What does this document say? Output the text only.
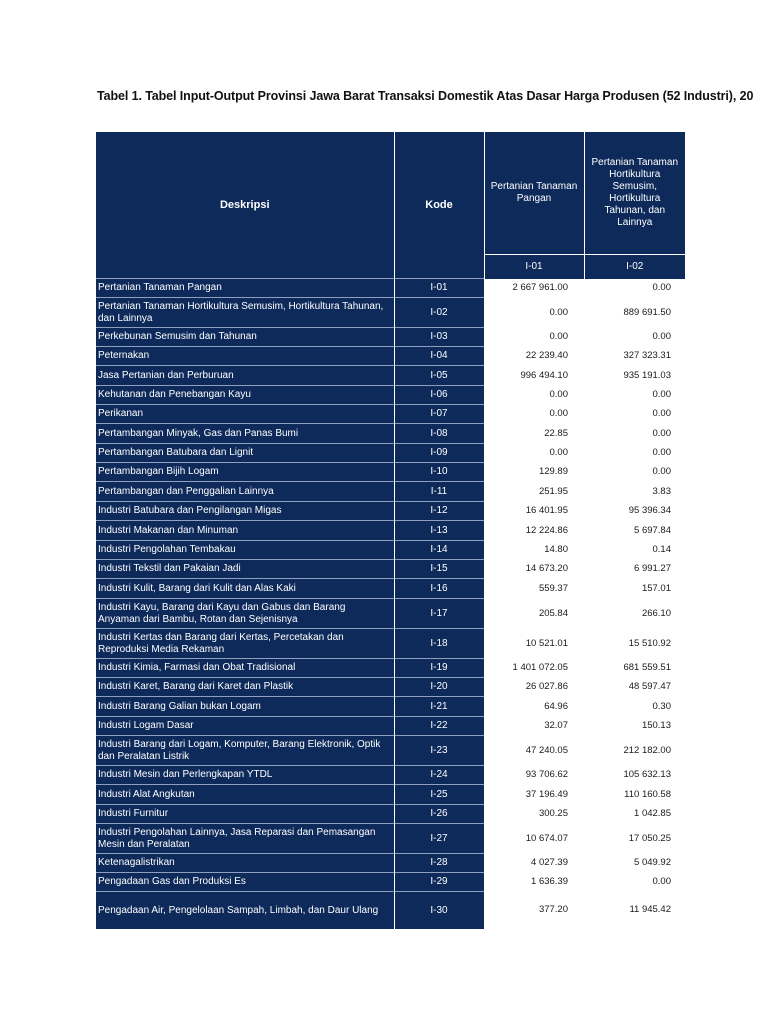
Tabel 1. Tabel Input-Output Provinsi Jawa Barat Transaksi Domestik Atas Dasar Harga Produsen (52 Industri), 20
Deskripsi	Kode	Pertanian Tanaman Pangan	Pertanian Tanaman Hortikultura Semusim, Hortikultura Tahunan, dan Lainnya
		I-01	I-02
Pertanian Tanaman Pangan	I-01	2 667 961.00	0.00
Pertanian Tanaman Hortikultura Semusim, Hortikultura Tahunan, dan Lainnya	I-02	0.00	889 691.50
Perkebunan Semusim dan Tahunan	I-03	0.00	0.00
Peternakan	I-04	22 239.40	327 323.31
Jasa Pertanian dan Perburuan	I-05	996 494.10	935 191.03
Kehutanan dan Penebangan Kayu	I-06	0.00	0.00
Perikanan	I-07	0.00	0.00
Pertambangan Minyak, Gas dan Panas Bumi	I-08	22.85	0.00
Pertambangan Batubara dan Lignit	I-09	0.00	0.00
Pertambangan Bijih Logam	I-10	129.89	0.00
Pertambangan dan Penggalian Lainnya	I-11	251.95	3.83
Industri Batubara dan Pengilangan Migas	I-12	16 401.95	95 396.34
Industri Makanan dan Minuman	I-13	12 224.86	5 697.84
Industri Pengolahan Tembakau	I-14	14.80	0.14
Industri Tekstil dan Pakaian Jadi	I-15	14 673.20	6 991.27
Industri Kulit, Barang dari Kulit dan Alas Kaki	I-16	559.37	157.01
Industri Kayu, Barang dari Kayu dan Gabus dan Barang Anyaman dari Bambu, Rotan dan Sejenisnya	I-17	205.84	266.10
Industri Kertas dan Barang dari Kertas, Percetakan dan Reproduksi Media Rekaman	I-18	10 521.01	15 510.92
Industri Kimia, Farmasi dan Obat Tradisional	I-19	1 401 072.05	681 559.51
Industri Karet, Barang dari Karet dan Plastik	I-20	26 027.86	48 597.47
Industri Barang Galian bukan Logam	I-21	64.96	0.30
Industri Logam Dasar	I-22	32.07	150.13
Industri Barang dari Logam, Komputer, Barang Elektronik, Optik dan Peralatan Listrik	I-23	47 240.05	212 182.00
Industri Mesin dan Perlengkapan YTDL	I-24	93 706.62	105 632.13
Industri Alat Angkutan	I-25	37 196.49	110 160.58
Industri Furnitur	I-26	300.25	1 042.85
Industri Pengolahan Lainnya, Jasa Reparasi dan Pemasangan Mesin dan Peralatan	I-27	10 674.07	17 050.25
Ketenagalistrikan	I-28	4 027.39	5 049.92
Pengadaan Gas dan Produksi Es	I-29	1 636.39	0.00
Pengadaan Air, Pengelolaan Sampah, Limbah, dan Daur Ulang	I-30	377.20	11 945.42
